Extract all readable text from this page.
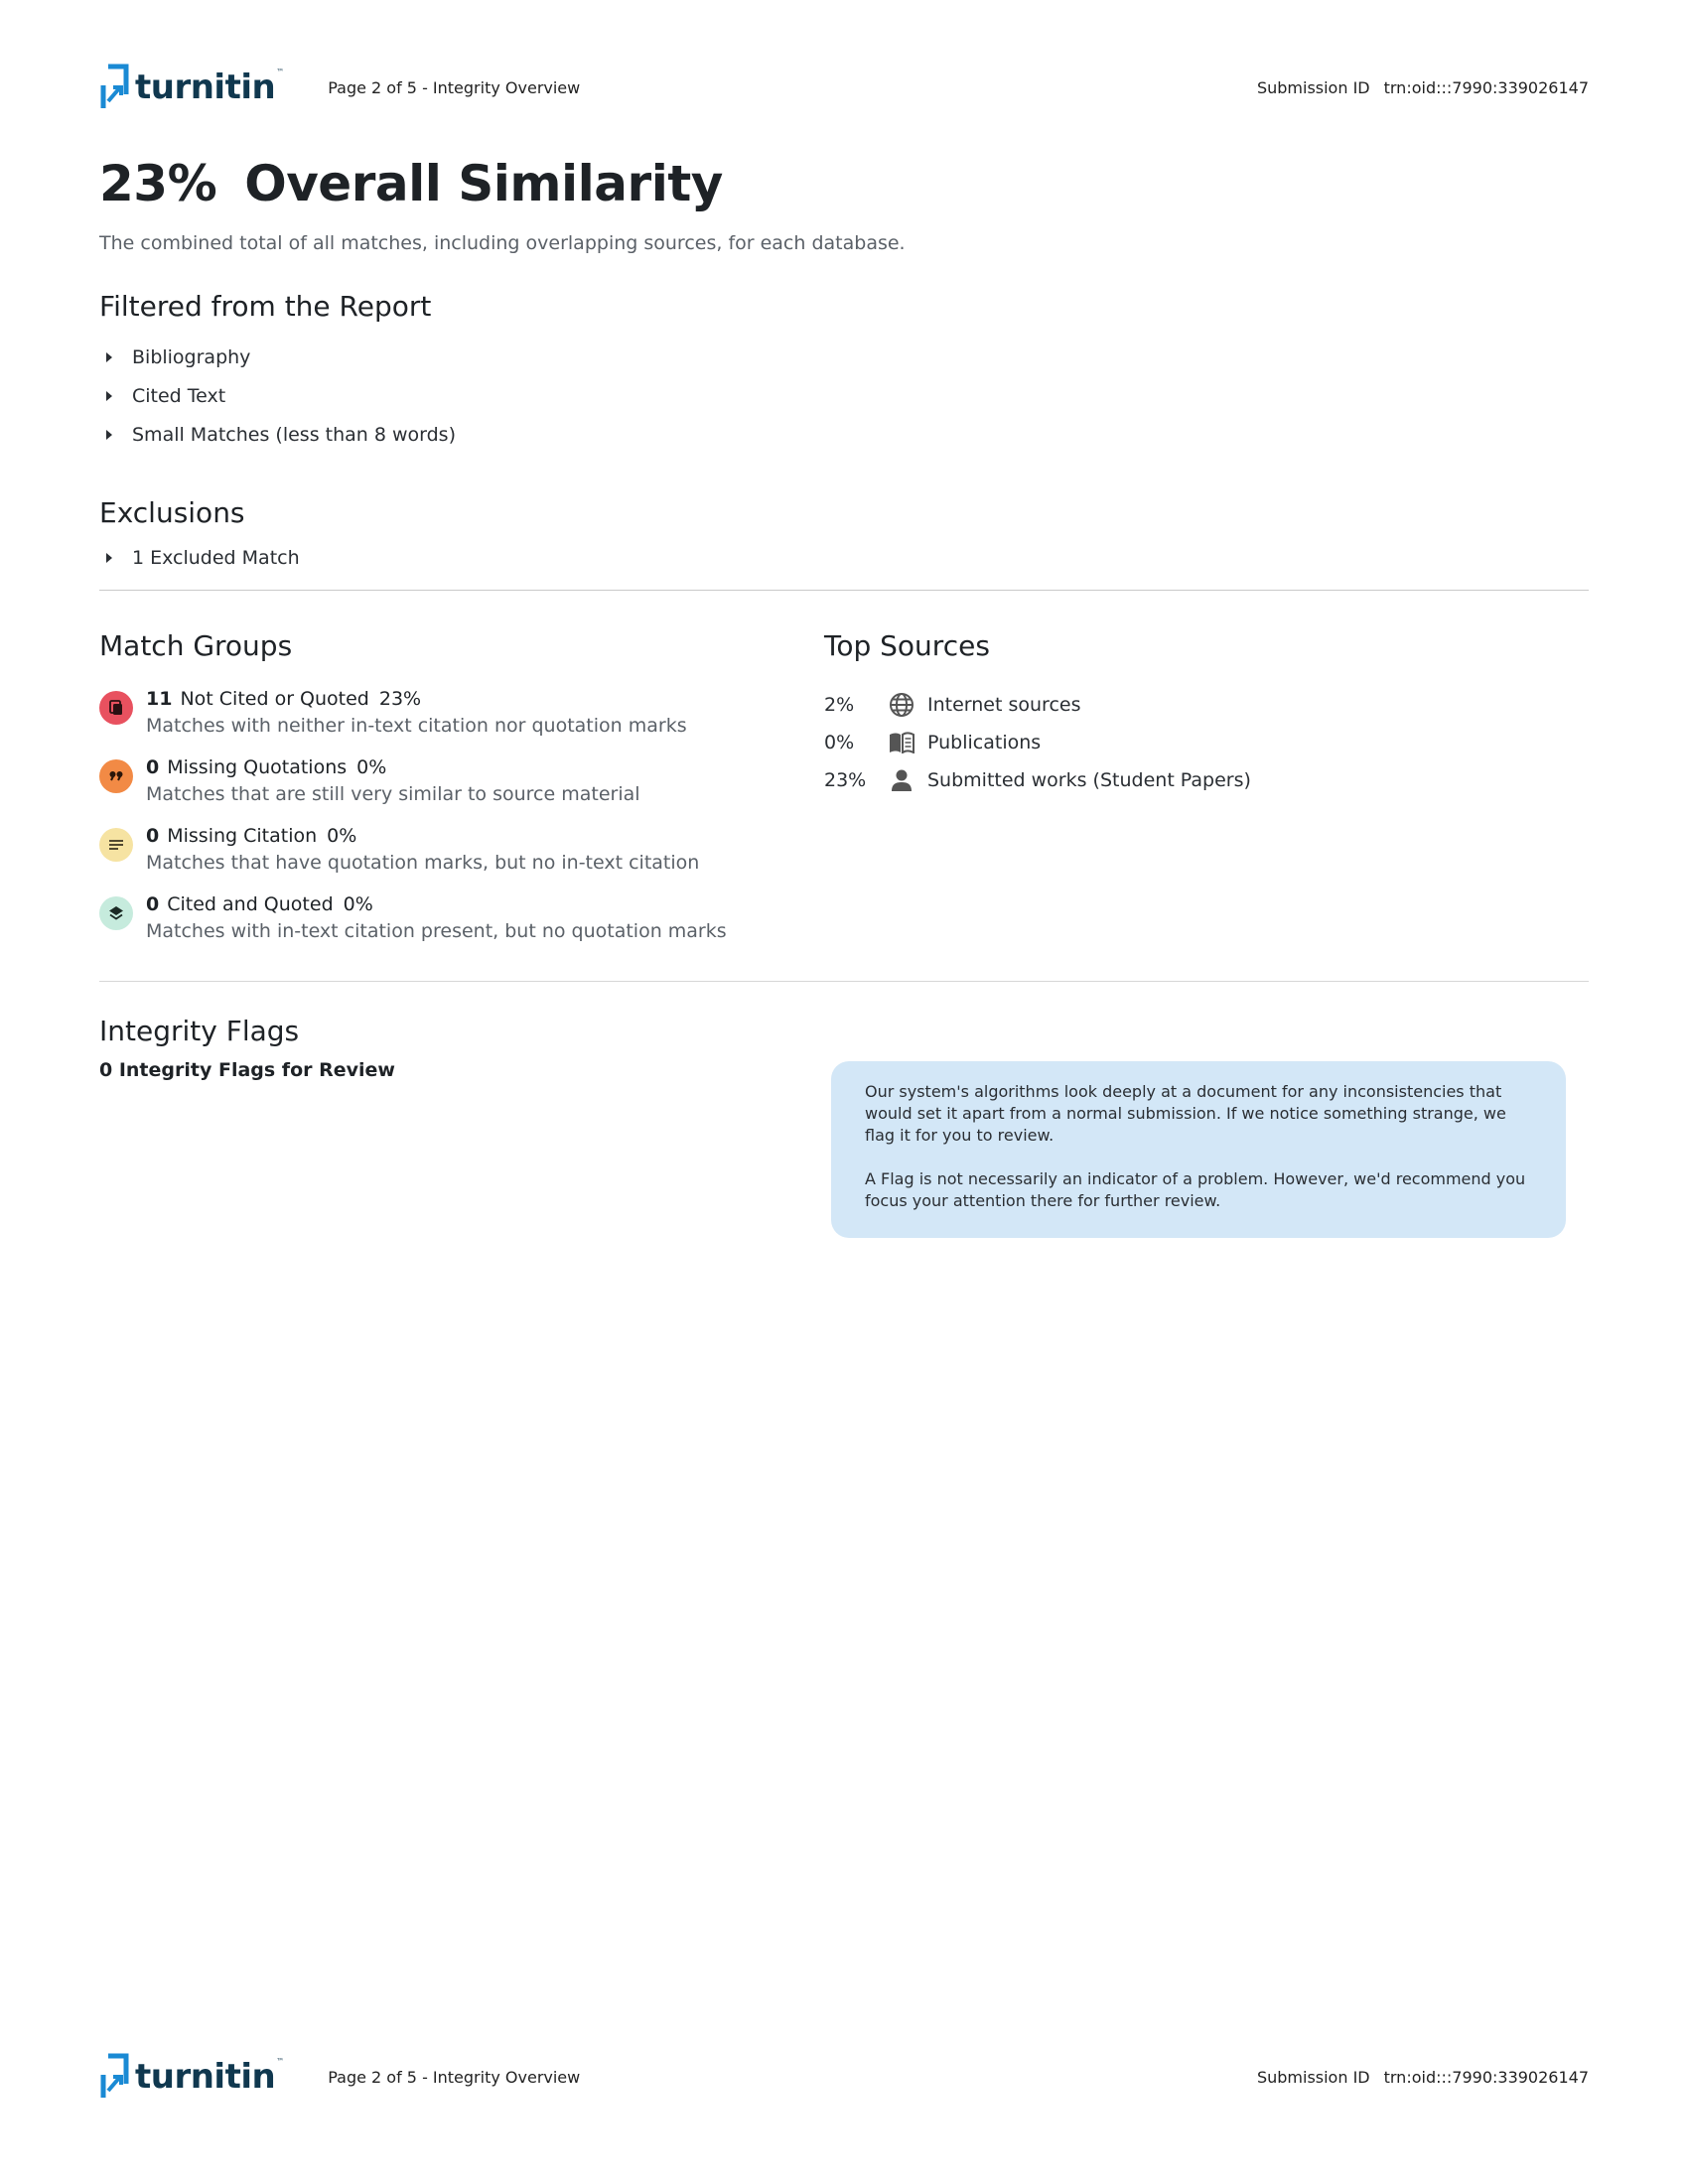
turnitin ™
Page 2 of 5 - Integrity Overview	Submission ID trn:oid:::7990:339026147
23% Overall Similarity
The combined total of all matches, including overlapping sources, for each database.
Filtered from the Report
Bibliography
Cited Text
Small Matches (less than 8 words)
Exclusions
1 Excluded Match
Match Groups
11 Not Cited or Quoted 23%
Matches with neither in-text citation nor quotation marks
0 Missing Quotations 0%
Matches that are still very similar to source material
0 Missing Citation 0%
Matches that have quotation marks, but no in-text citation
0 Cited and Quoted 0%
Matches with in-text citation present, but no quotation marks
Top Sources
2%	Internet sources
0%	Publications
23%	Submitted works (Student Papers)
Integrity Flags
0 Integrity Flags for Review

Our system's algorithms look deeply at a document for any inconsistencies that would set it apart from a normal submission. If we notice something strange, we flag it for you to review.

A Flag is not necessarily an indicator of a problem. However, we'd recommend you focus your attention there for further review.

turnitin ™
Page 2 of 5 - Integrity Overview	Submission ID trn:oid:::7990:339026147
